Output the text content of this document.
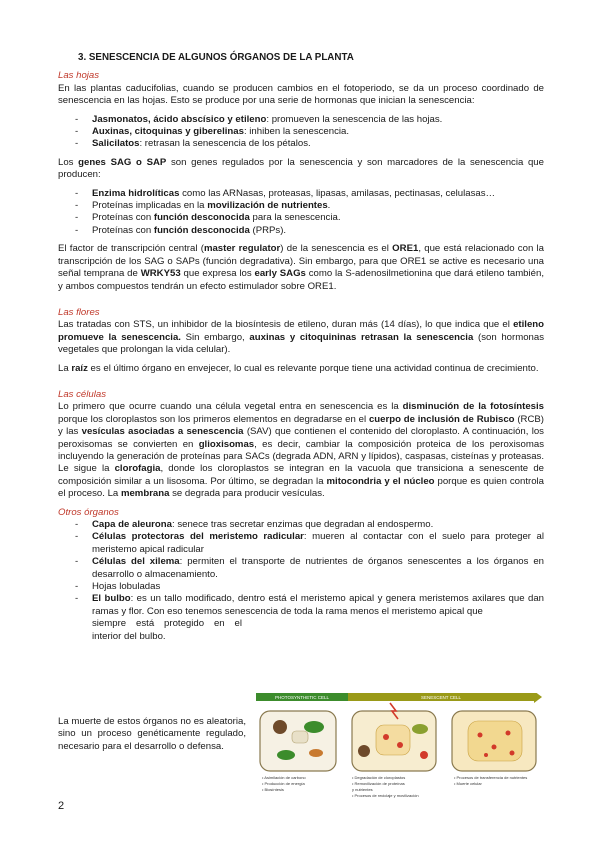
3. SENESCENCIA DE ALGUNOS ÓRGANOS DE LA PLANTA

Las hojas

En las plantas caducifolias, cuando se producen cambios en el fotoperiodo, se da un proceso coordinado de senescencia en las hojas. Esto se produce por una serie de hormonas que inician la senescencia:

- Jasmonatos, ácido abscísico y etileno: promueven la senescencia de las hojas.
- Auxinas, citoquinas y giberelinas: inhiben la senescencia.
- Salicilatos: retrasan la senescencia de los pétalos.

Los genes SAG o SAP son genes regulados por la senescencia y son marcadores de la senescencia que producen:

- Enzima hidrolíticas como las ARNasas, proteasas, lipasas, amilasas, pectinasas, celulasas…
- Proteínas implicadas en la movilización de nutrientes.
- Proteínas con función desconocida para la senescencia.
- Proteínas con función desconocida (PRPs).

El factor de transcripción central (master regulator) de la senescencia es el ORE1, que está relacionado con la transcripción de los SAG o SAPs (función degradativa). Sin embargo, para que ORE1 se active es necesario una señal temprana de WRKY53 que expresa los early SAGs como la S-adenosilmetionina que dará etileno también, y ambos compuestos tendrán un efecto estimulador sobre ORE1.

Las flores

Las tratadas con STS, un inhibidor de la biosíntesis de etileno, duran más (14 días), lo que indica que el etileno promueve la senescencia. Sin embargo, auxinas y citoquininas retrasan la senescencia (son hormonas vegetales que prolongan la vida celular).

La raíz es el último órgano en envejecer, lo cual es relevante porque tiene una actividad continua de crecimiento.

Las células

Lo primero que ocurre cuando una célula vegetal entra en senescencia es la disminución de la fotosíntesis porque los cloroplastos son los primeros elementos en degradarse en el cuerpo de inclusión de Rubisco (RCB) y las vesículas asociadas a senescencia (SAV) que contienen el contenido del cloroplasto. A continuación, los peroxisomas se convierten en glioxisomas, es decir, cambiar la composición proteica de los peroxisomas incluyendo la generación de proteínas para SACs (degrada ADN, ARN y lípidos), caspasas, cisteínas y proteasas. Le sigue la clorofagia, donde los cloroplastos se integran en la vacuola que transiciona a senescente de composición similar a un lisosoma. Por último, se degradan la mitocondria y el núcleo porque es quien controla el proceso. La membrana se degrada para producir vesículas.

Otros órganos

- Capa de aleurona: senece tras secretar enzimas que degradan al endospermo.
- Células protectoras del meristemo radicular: mueren al contactar con el suelo para proteger al meristemo apical radicular
- Células del xilema: permiten el transporte de nutrientes de órganos senescentes a los órganos en desarrollo o almacenamiento.
- Hojas lobuladas
- El bulbo: es un tallo modificado, dentro está el meristemo apical y genera meristemos axilares que dan ramas y flor. Con eso tenemos senescencia de toda la rama menos el meristemo apical que
siempre está protegido en el interior del bulbo.
La muerte de estos órganos no es aleatoria, sino un proceso genéticamente regulado, necesario para el desarrollo o defensa.
PHOTOSYNTHETIC CELL	SENESCENT CELL
• Asimilación de carbono • Producción de energía • Biosíntesis
• Degradación de cloroplastos • Removilización de proteínas y nutrientes • Procesos de reciclaje y movilización
• Procesos de transferencia de nutrientes • Muerte celular
2
